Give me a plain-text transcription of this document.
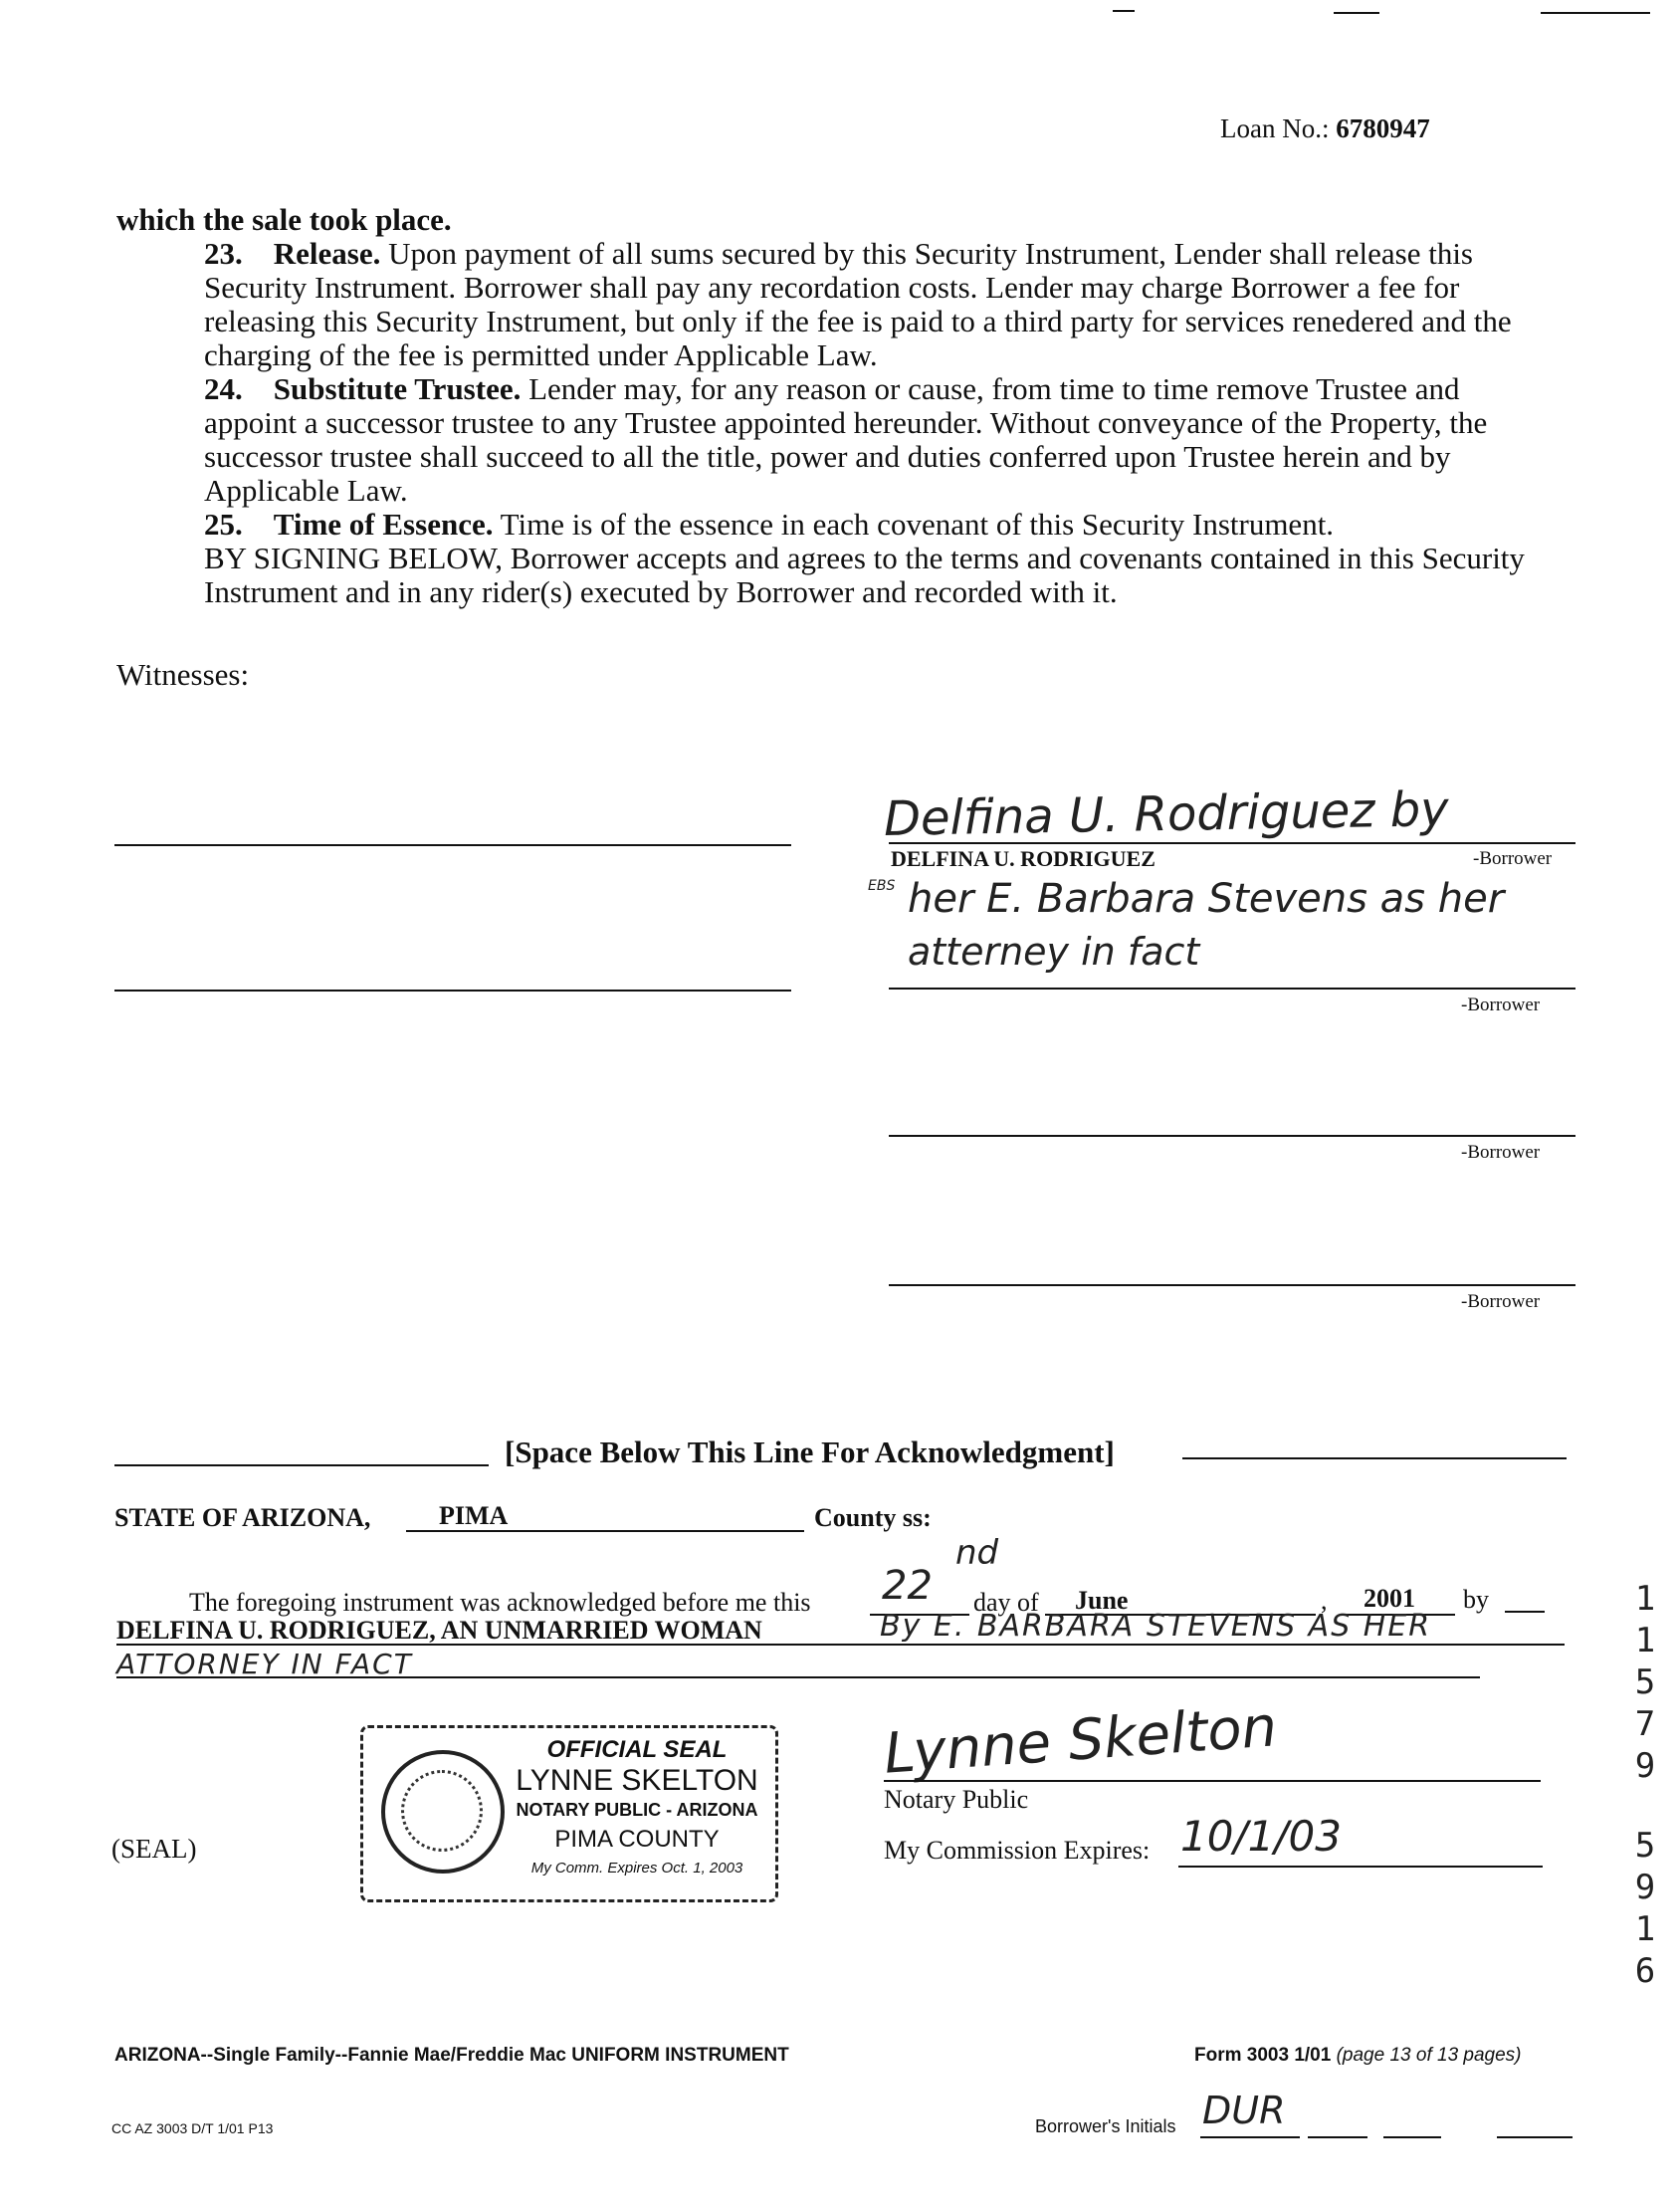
Loan No.: 6780947

which the sale took place.

23. Release. Upon payment of all sums secured by this Security Instrument, Lender shall release this Security Instrument. Borrower shall pay any recordation costs. Lender may charge Borrower a fee for releasing this Security Instrument, but only if the fee is paid to a third party for services renedered and the charging of the fee is permitted under Applicable Law.

24. Substitute Trustee. Lender may, for any reason or cause, from time to time remove Trustee and appoint a successor trustee to any Trustee appointed hereunder. Without conveyance of the Property, the successor trustee shall succeed to all the title, power and duties conferred upon Trustee herein and by Applicable Law.

25. Time of Essence. Time is of the essence in each covenant of this Security Instrument.

BY SIGNING BELOW, Borrower accepts and agrees to the terms and covenants contained in this Security Instrument and in any rider(s) executed by Borrower and recorded with it.

Witnesses:
Delfina U. Rodriguez by
DELFINA U. RODRIGUEZ	-Borrower
EBS her E. Barbara Stevens as her
atterney in fact
-Borrower
-Borrower
-Borrower
[Space Below This Line For Acknowledgment]
STATE OF ARIZONA,	PIMA	County ss:
The foregoing instrument was acknowledged before me this 22
nd
day of June	, 2001 by
DELFINA U. RODRIGUEZ, AN UNMARRIED WOMAN	By E. BARBARA STEVENS AS HER
ATTORNEY IN FACT
Lynne Skelton
Notary Public
My Commission Expires: 10/1/03
(SEAL)
OFFICIAL SEAL
LYNNE SKELTON
NOTARY PUBLIC - ARIZONA
PIMA COUNTY
My Comm. Expires Oct. 1, 2003
1
1
5
7
9
5
9
1
6
ARIZONA--Single Family--Fannie Mae/Freddie Mac UNIFORM INSTRUMENT	Form 3003 1/01 (page 13 of 13 pages)
CC AZ 3003 D/T 1/01 P13	Borrower's Initials DUR
